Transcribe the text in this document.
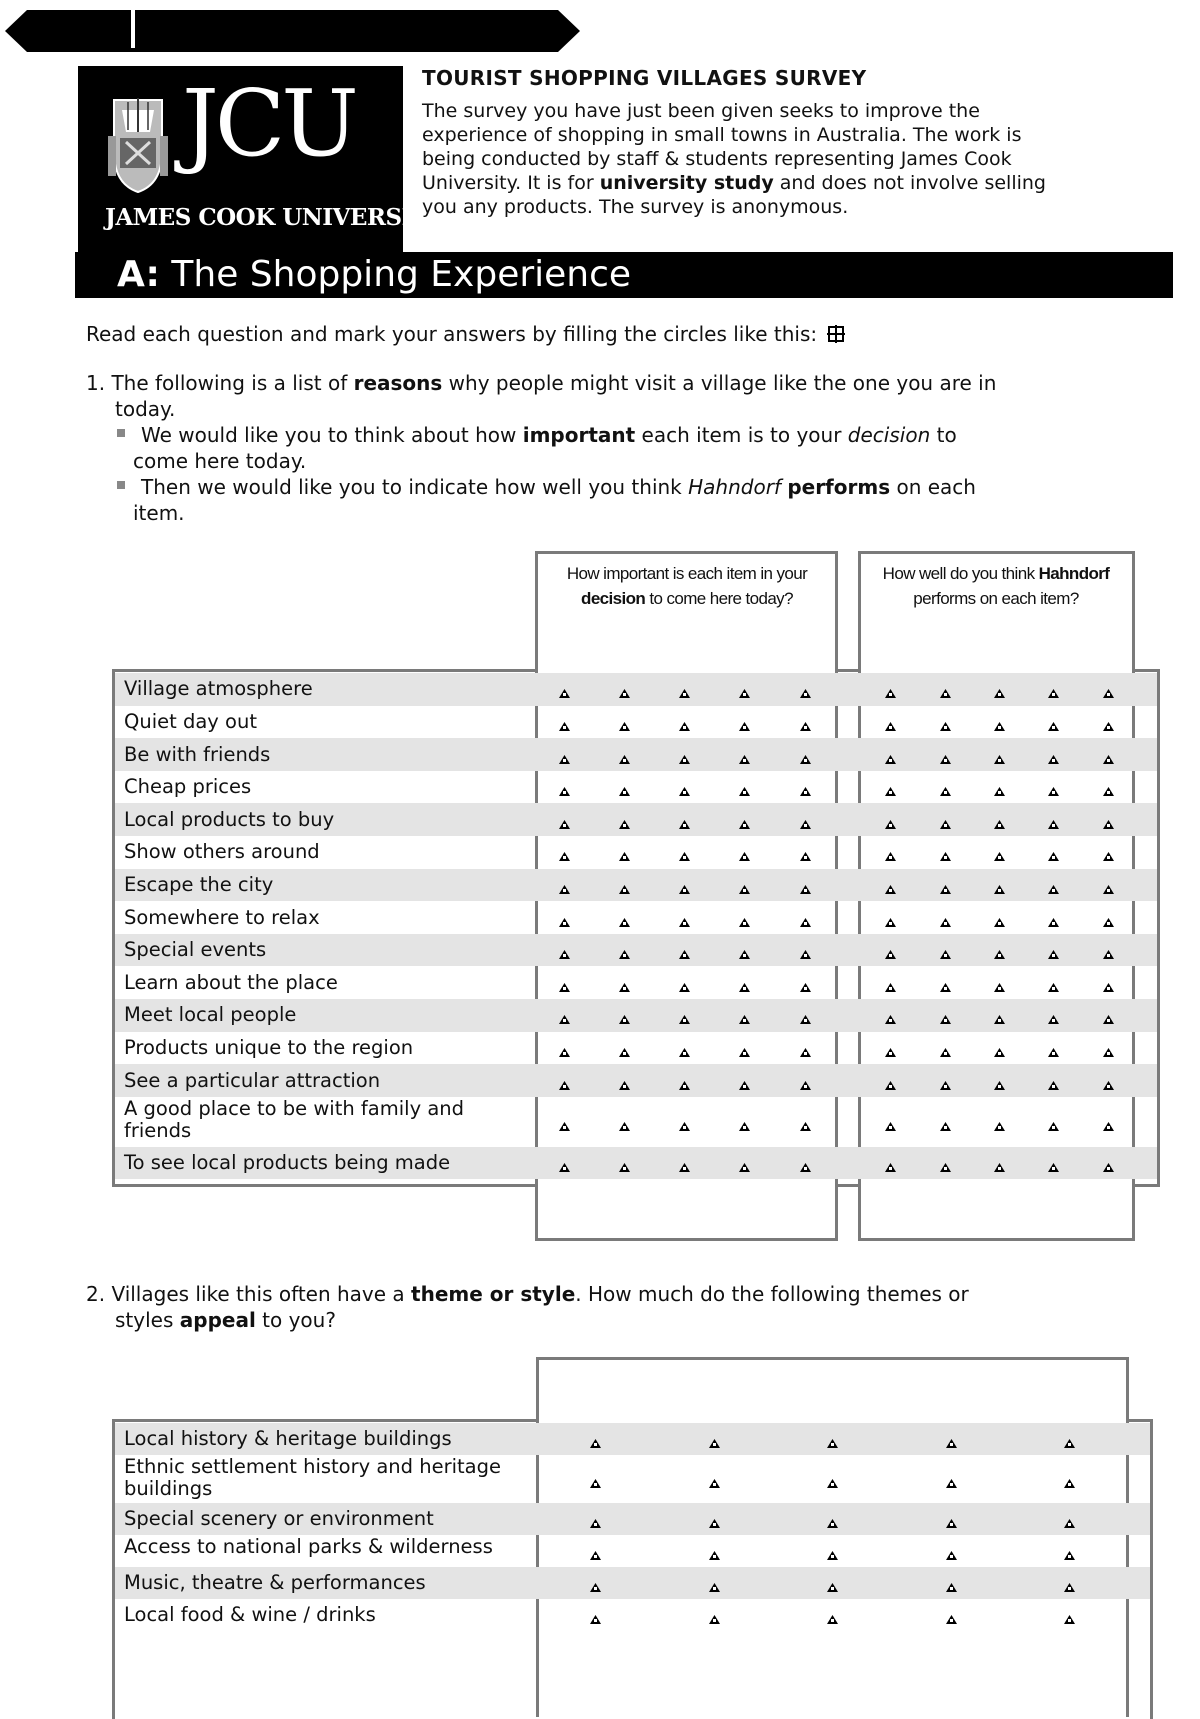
JCU
JAMES COOK UNIVERSITY
TOURIST SHOPPING VILLAGES SURVEY
The survey you have just been given seeks to improve the
experience of shopping in small towns in Australia. The work is
being conducted by staff & students representing James Cook
University. It is for university study and does not involve selling
you any products. The survey is anonymous.
A: The Shopping Experience
Read each question and mark your answers by filling the circles like this:
1. The following is a list of reasons why people might visit a village like the one you are in
today.
We would like you to think about how important each item is to your decision to
come here today.
Then we would like you to indicate how well you think Hahndorf performs on each
item.
How important is each item in your
decision to come here today?
How well do you think Hahndorf
performs on each item?
Village atmosphere
Quiet day out
Be with friends
Cheap prices
Local products to buy
Show others around
Escape the city
Somewhere to relax
Special events
Learn about the place
Meet local people
Products unique to the region
See a particular attraction
A good place to be with family and friends
To see local products being made
2. Villages like this often have a theme or style. How much do the following themes or
styles appeal to you?
Local history & heritage buildings
Ethnic settlement history and heritage buildings
Special scenery or environment
Access to national parks & wilderness
Music, theatre & performances
Local food & wine / drinks
